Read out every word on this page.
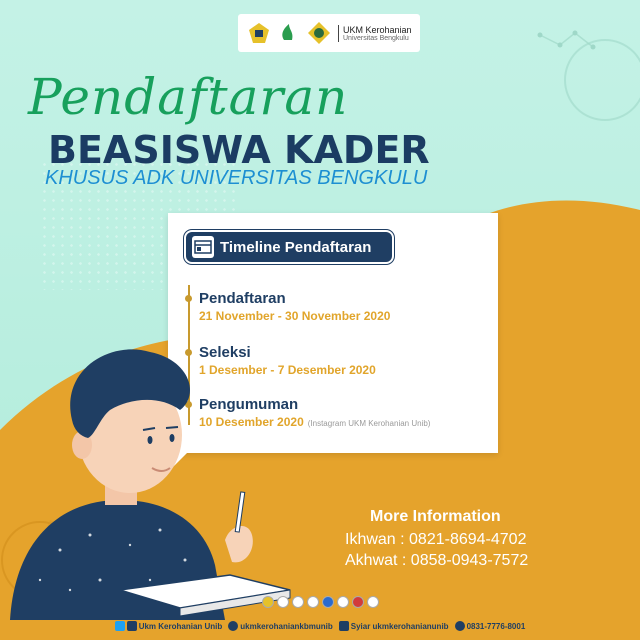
UKM Kerohanian
Universitas Bengkulu
Pendaftaran
BEASISWA KADER
KHUSUS ADK UNIVERSITAS BENGKULU
Timeline Pendaftaran
Pendaftaran
21 November - 30 November 2020
Seleksi
1 Desember - 7 Desember 2020
Pengumuman
10 Desember 2020 (Instagram UKM Kerohanian Unib)
More Information
Ikhwan : 0821-8694-4702
Akhwat : 0858-0943-7572
Ukm Kerohanian Unib ukmkerohaniankbmunib Syiar ukmkerohanianunib 0831-7776-8001
